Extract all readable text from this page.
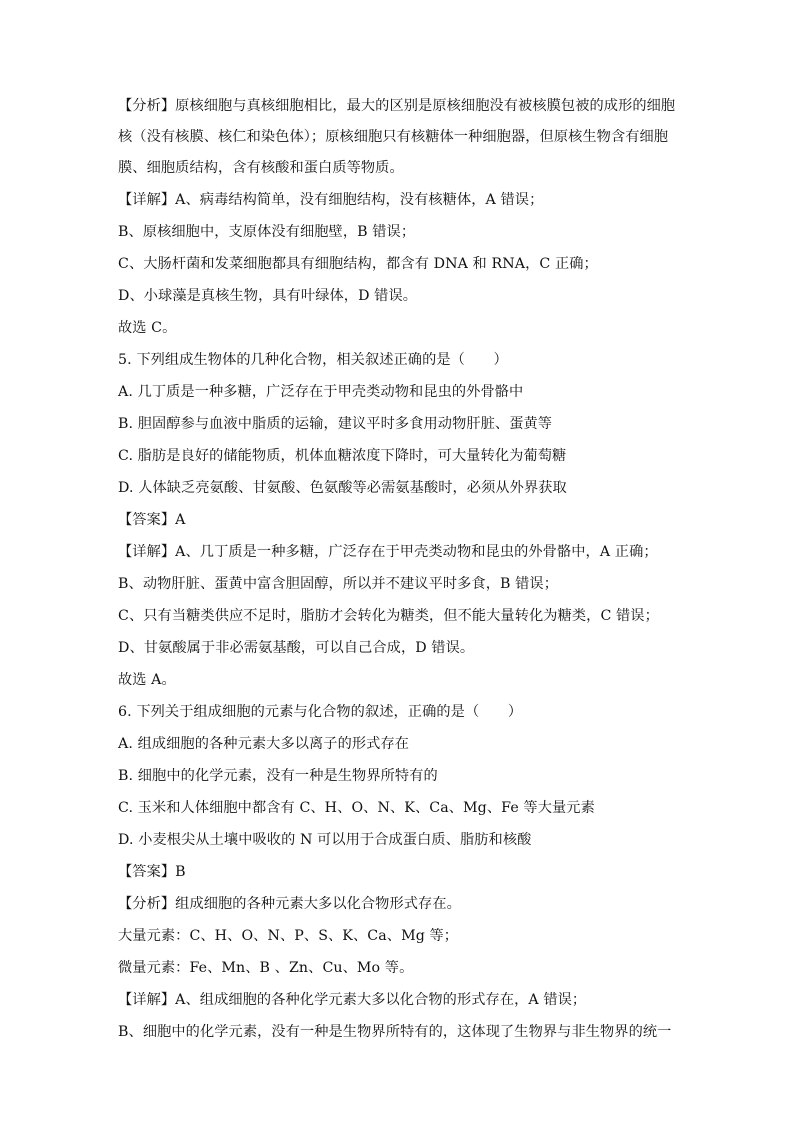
【分析】原核细胞与真核细胞相比，最大的区别是原核细胞没有被核膜包被的成形的细胞
核（没有核膜、核仁和染色体）；原核细胞只有核糖体一种细胞器，但原核生物含有细胞
膜、细胞质结构，含有核酸和蛋白质等物质。
【详解】A、病毒结构简单，没有细胞结构，没有核糖体，A 错误；
B、原核细胞中，支原体没有细胞壁，B 错误；
C、大肠杆菌和发菜细胞都具有细胞结构，都含有 DNA 和 RNA，C 正确；
D、小球藻是真核生物，具有叶绿体，D 错误。
故选 C。
5. 下列组成生物体的几种化合物，相关叙述正确的是（　　）
A. 几丁质是一种多糖，广泛存在于甲壳类动物和昆虫的外骨骼中
B. 胆固醇参与血液中脂质的运输，建议平时多食用动物肝脏、蛋黄等
C. 脂肪是良好的储能物质，机体血糖浓度下降时，可大量转化为葡萄糖
D. 人体缺乏亮氨酸、甘氨酸、色氨酸等必需氨基酸时，必须从外界获取
【答案】A
【详解】A、几丁质是一种多糖，广泛存在于甲壳类动物和昆虫的外骨骼中，A 正确；
B、动物肝脏、蛋黄中富含胆固醇，所以并不建议平时多食，B 错误；
C、只有当糖类供应不足时，脂肪才会转化为糖类，但不能大量转化为糖类，C 错误；
D、甘氨酸属于非必需氨基酸，可以自己合成，D 错误。
故选 A。
6. 下列关于组成细胞的元素与化合物的叙述，正确的是（　　）
A. 组成细胞的各种元素大多以离子的形式存在
B. 细胞中的化学元素，没有一种是生物界所特有的
C. 玉米和人体细胞中都含有 C、H、O、N、K、Ca、Mg、Fe 等大量元素
D. 小麦根尖从土壤中吸收的 N 可以用于合成蛋白质、脂肪和核酸
【答案】B
【分析】组成细胞的各种元素大多以化合物形式存在。
大量元素：C、H、O、N、P、S、K、Ca、Mg 等；
微量元素：Fe、Mn、B 、Zn、Cu、Mo 等。
【详解】A、组成细胞的各种化学元素大多以化合物的形式存在，A 错误；
B、细胞中的化学元素，没有一种是生物界所特有的，这体现了生物界与非生物界的统一
